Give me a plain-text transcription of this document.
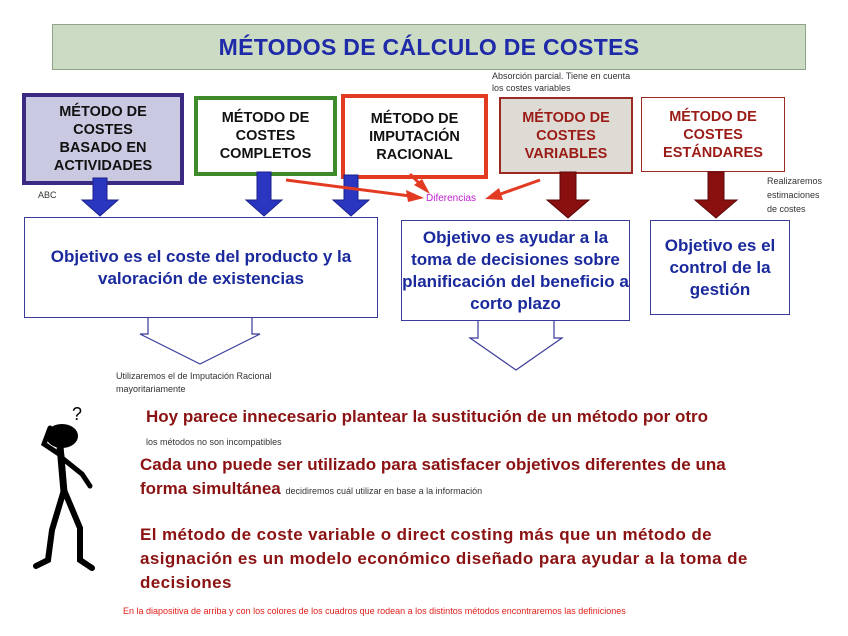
MÉTODOS DE CÁLCULO DE COSTES
MÉTODO DE
COSTES
BASADO EN
ACTIVIDADES
MÉTODO DE
COSTES
COMPLETOS
MÉTODO DE
IMPUTACIÓN
RACIONAL
MÉTODO DE
COSTES
VARIABLES
MÉTODO DE
COSTES
ESTÁNDARES
ABC
Absorción parcial. Tiene en cuenta
los costes variables
Diferencias
Realizaremos
estimaciones
de costes
Objetivo es el coste del producto y la valoración de existencias
Objetivo es ayudar a la toma de decisiones sobre planificación del beneficio a corto plazo
Objetivo es el control de la gestión
Utilizaremos el de Imputación Racional
mayoritariamente
?	Hoy parece innecesario plantear la sustitución de un método por otro
los métodos no son incompatibles
Cada uno puede ser utilizado para satisfacer objetivos diferentes de una
forma simultánea decidiremos cuál utilizar en base a la información
El método de coste variable o direct costing más que un método de
asignación es un modelo económico diseñado para ayudar a la toma de
decisiones
En la diapositiva de arriba y con los colores de los cuadros que rodean a los distintos métodos encontraremos las definiciones
